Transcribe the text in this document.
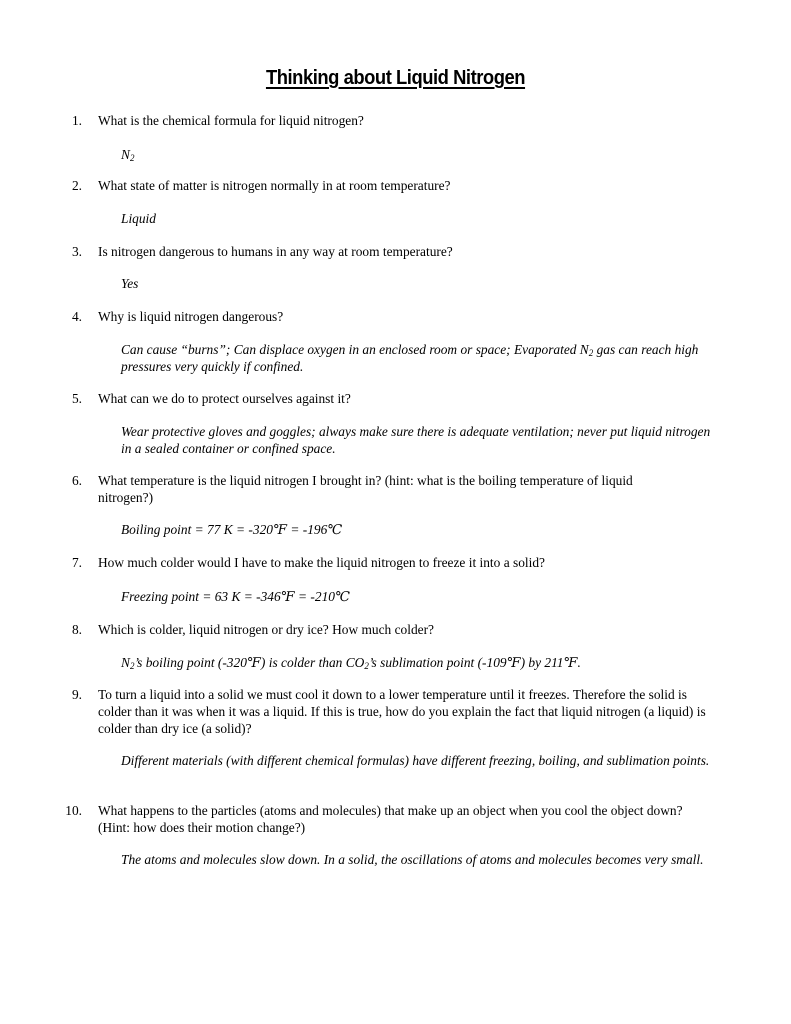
Thinking about Liquid Nitrogen
1. What is the chemical formula for liquid nitrogen?
$N_2$
2. What state of matter is nitrogen normally in at room temperature?
Liquid
3. Is nitrogen dangerous to humans in any way at room temperature?
Yes
4. Why is liquid nitrogen dangerous?
Can cause “burns”; Can displace oxygen in an enclosed room or space; Evaporated $N_2$ gas can reach high pressures very quickly if confined.
5. What can we do to protect ourselves against it?
Wear protective gloves and goggles; always make sure there is adequate ventilation; never put liquid nitrogen in a sealed container or confined space.
6. What temperature is the liquid nitrogen I brought in? (hint: what is the boiling temperature of liquid nitrogen?)
Boiling point = 77 K = -320℉ = -196℃
7. How much colder would I have to make the liquid nitrogen to freeze it into a solid?
Freezing point = 63 K = -346℉ = -210℃
8. Which is colder, liquid nitrogen or dry ice? How much colder?
$N_2’s$ boiling point (-320℉) is colder than $CO_2’s$ sublimation point (-109℉) by 211℉.
9. To turn a liquid into a solid we must cool it down to a lower temperature until it freezes. Therefore the solid is colder than it was when it was a liquid. If this is true, how do you explain the fact that liquid nitrogen (a liquid) is colder than dry ice (a solid)?
Different materials (with different chemical formulas) have different freezing, boiling, and sublimation points.
10. What happens to the particles (atoms and molecules) that make up an object when you cool the object down? (Hint: how does their motion change?)
The atoms and molecules slow down. In a solid, the oscillations of atoms and molecules becomes very small.
